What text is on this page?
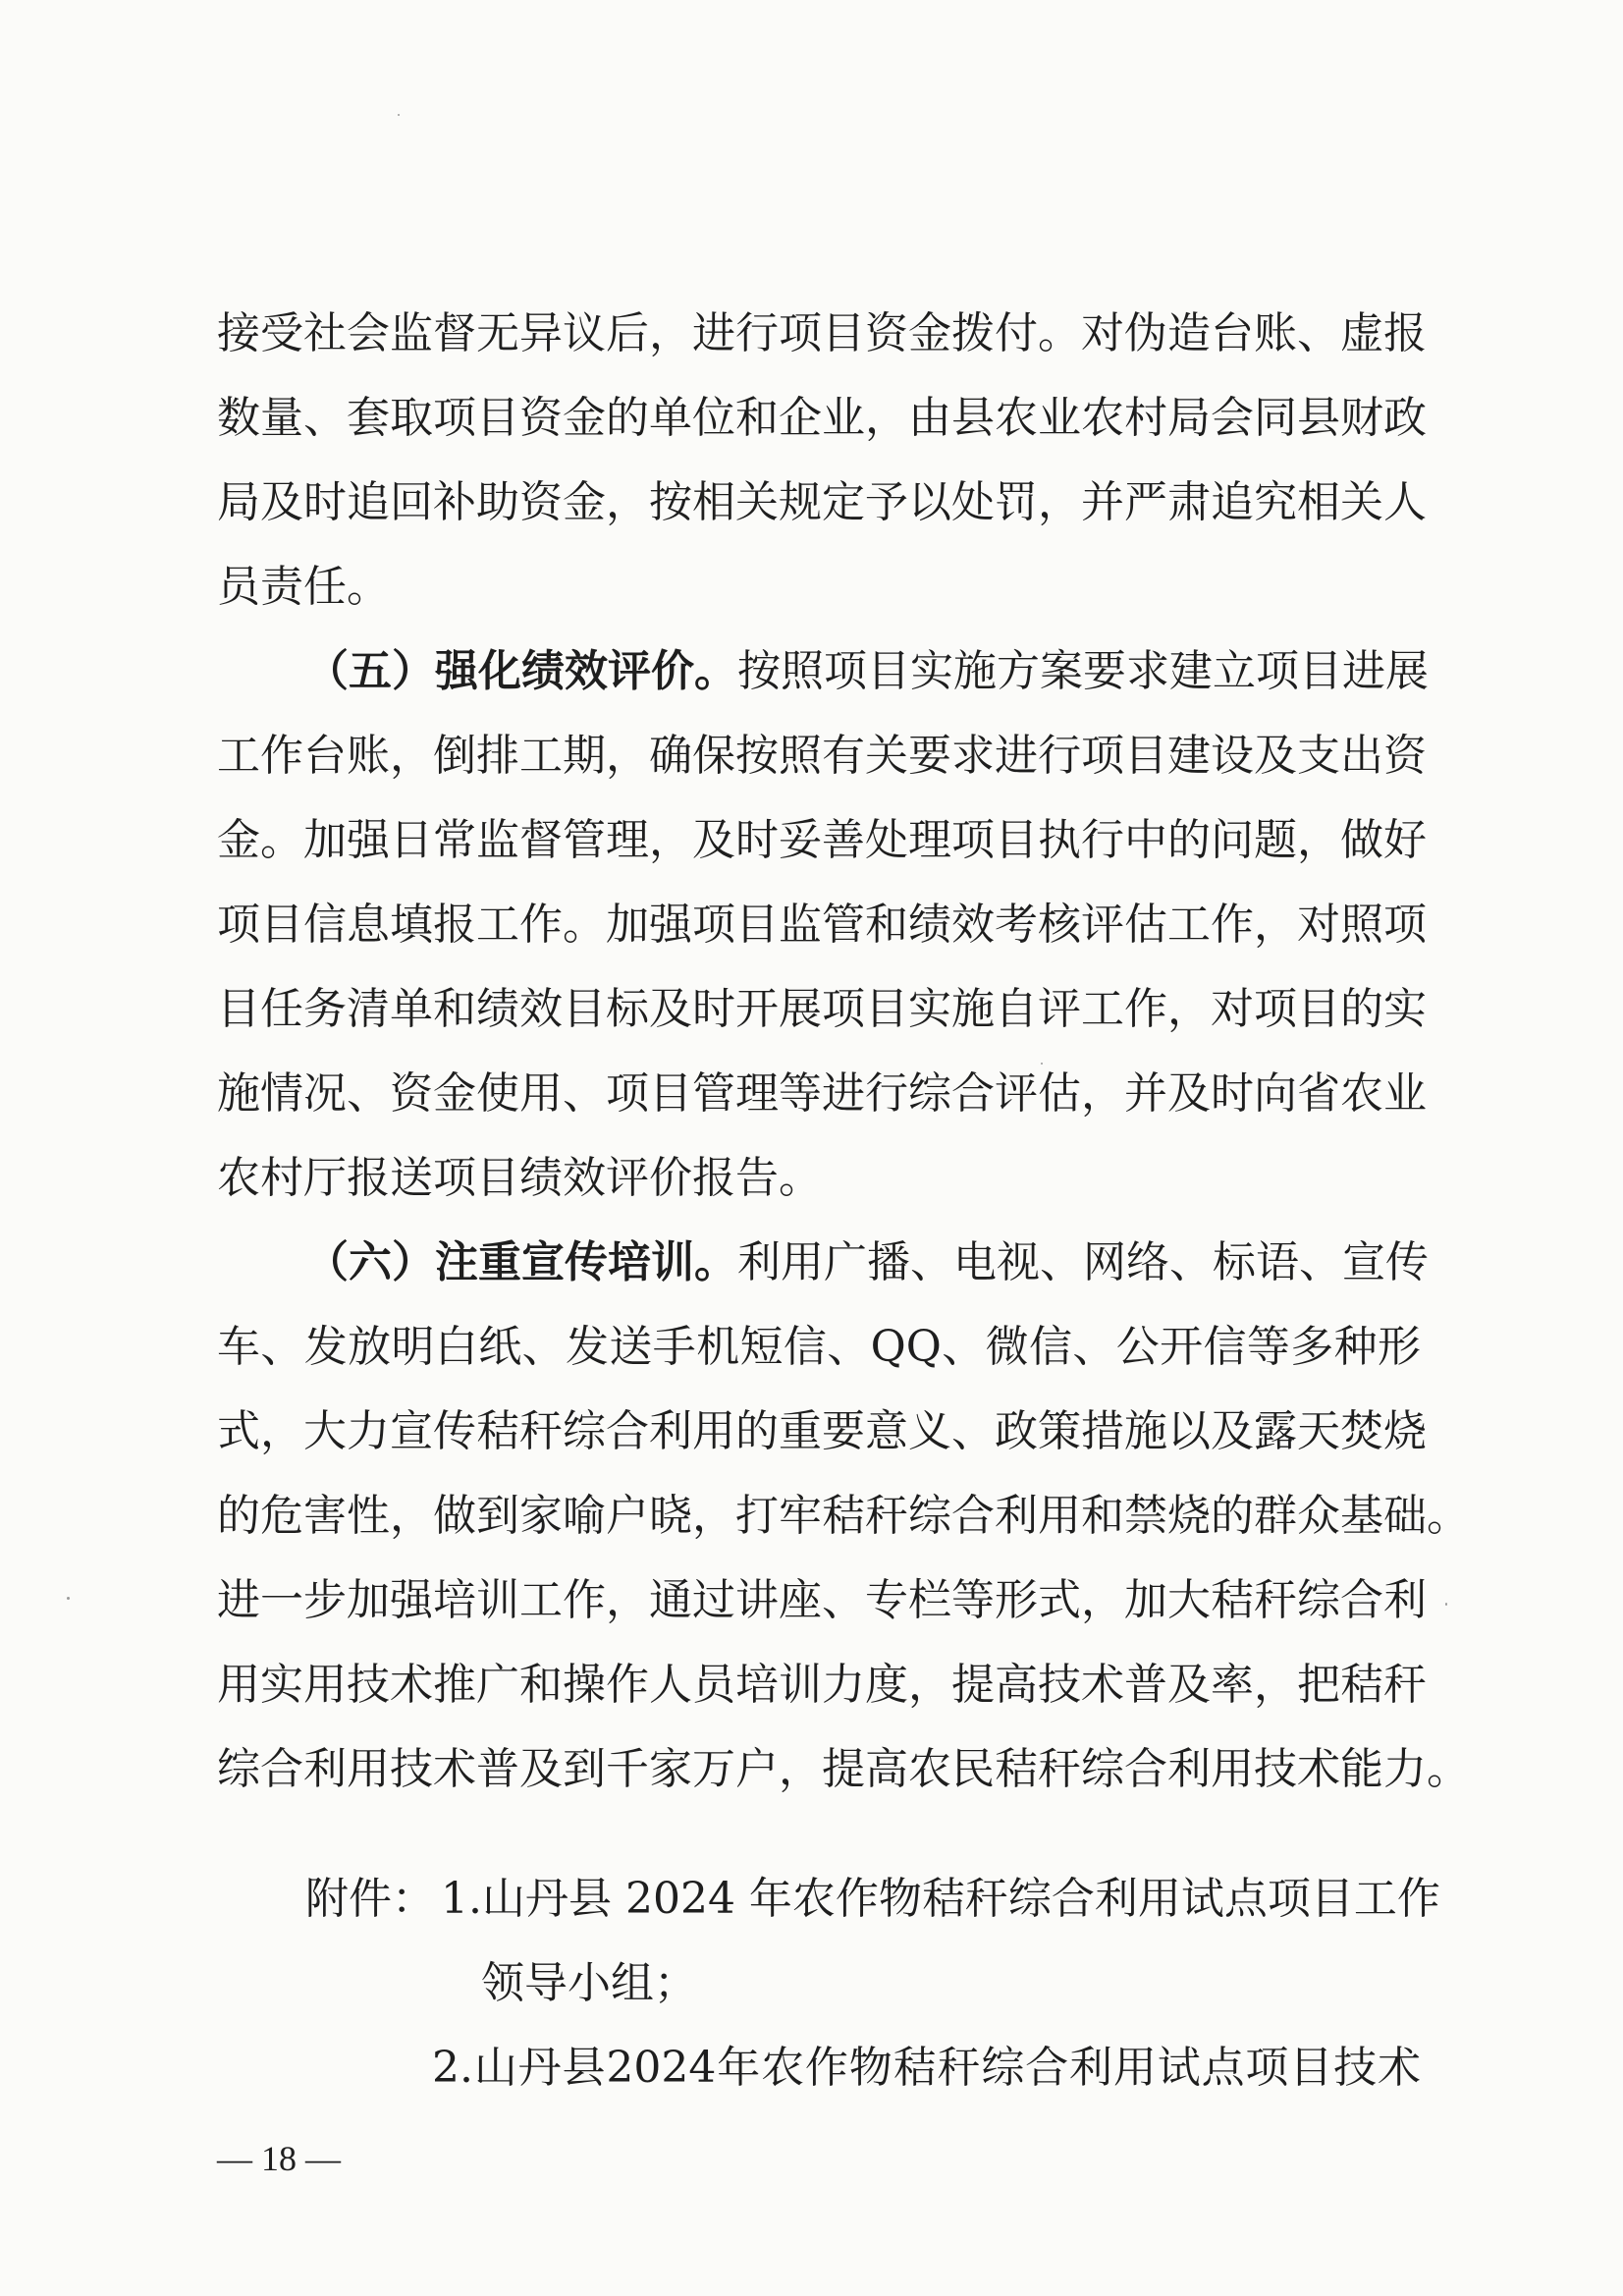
接受社会监督无异议后，进行项目资金拨付。对伪造台账、虚报
数量、套取项目资金的单位和企业，由县农业农村局会同县财政
局及时追回补助资金，按相关规定予以处罚，并严肃追究相关人
员责任。
（五）强化绩效评价。按照项目实施方案要求建立项目进展
工作台账，倒排工期，确保按照有关要求进行项目建设及支出资
金。加强日常监督管理，及时妥善处理项目执行中的问题，做好
项目信息填报工作。加强项目监管和绩效考核评估工作，对照项
目任务清单和绩效目标及时开展项目实施自评工作，对项目的实
施情况、资金使用、项目管理等进行综合评估，并及时向省农业
农村厅报送项目绩效评价报告。
（六）注重宣传培训。利用广播、电视、网络、标语、宣传
车、发放明白纸、发送手机短信、QQ、微信、公开信等多种形
式，大力宣传秸秆综合利用的重要意义、政策措施以及露天焚烧
的危害性，做到家喻户晓，打牢秸秆综合利用和禁烧的群众基础。
进一步加强培训工作，通过讲座、专栏等形式，加大秸秆综合利
用实用技术推广和操作人员培训力度，提高技术普及率，把秸秆
综合利用技术普及到千家万户，提高农民秸秆综合利用技术能力。
附件： 1.山丹县 2024 年农作物秸秆综合利用试点项目工作
领导小组；
2.山丹县2024年农作物秸秆综合利用试点项目技术
— 18 —
